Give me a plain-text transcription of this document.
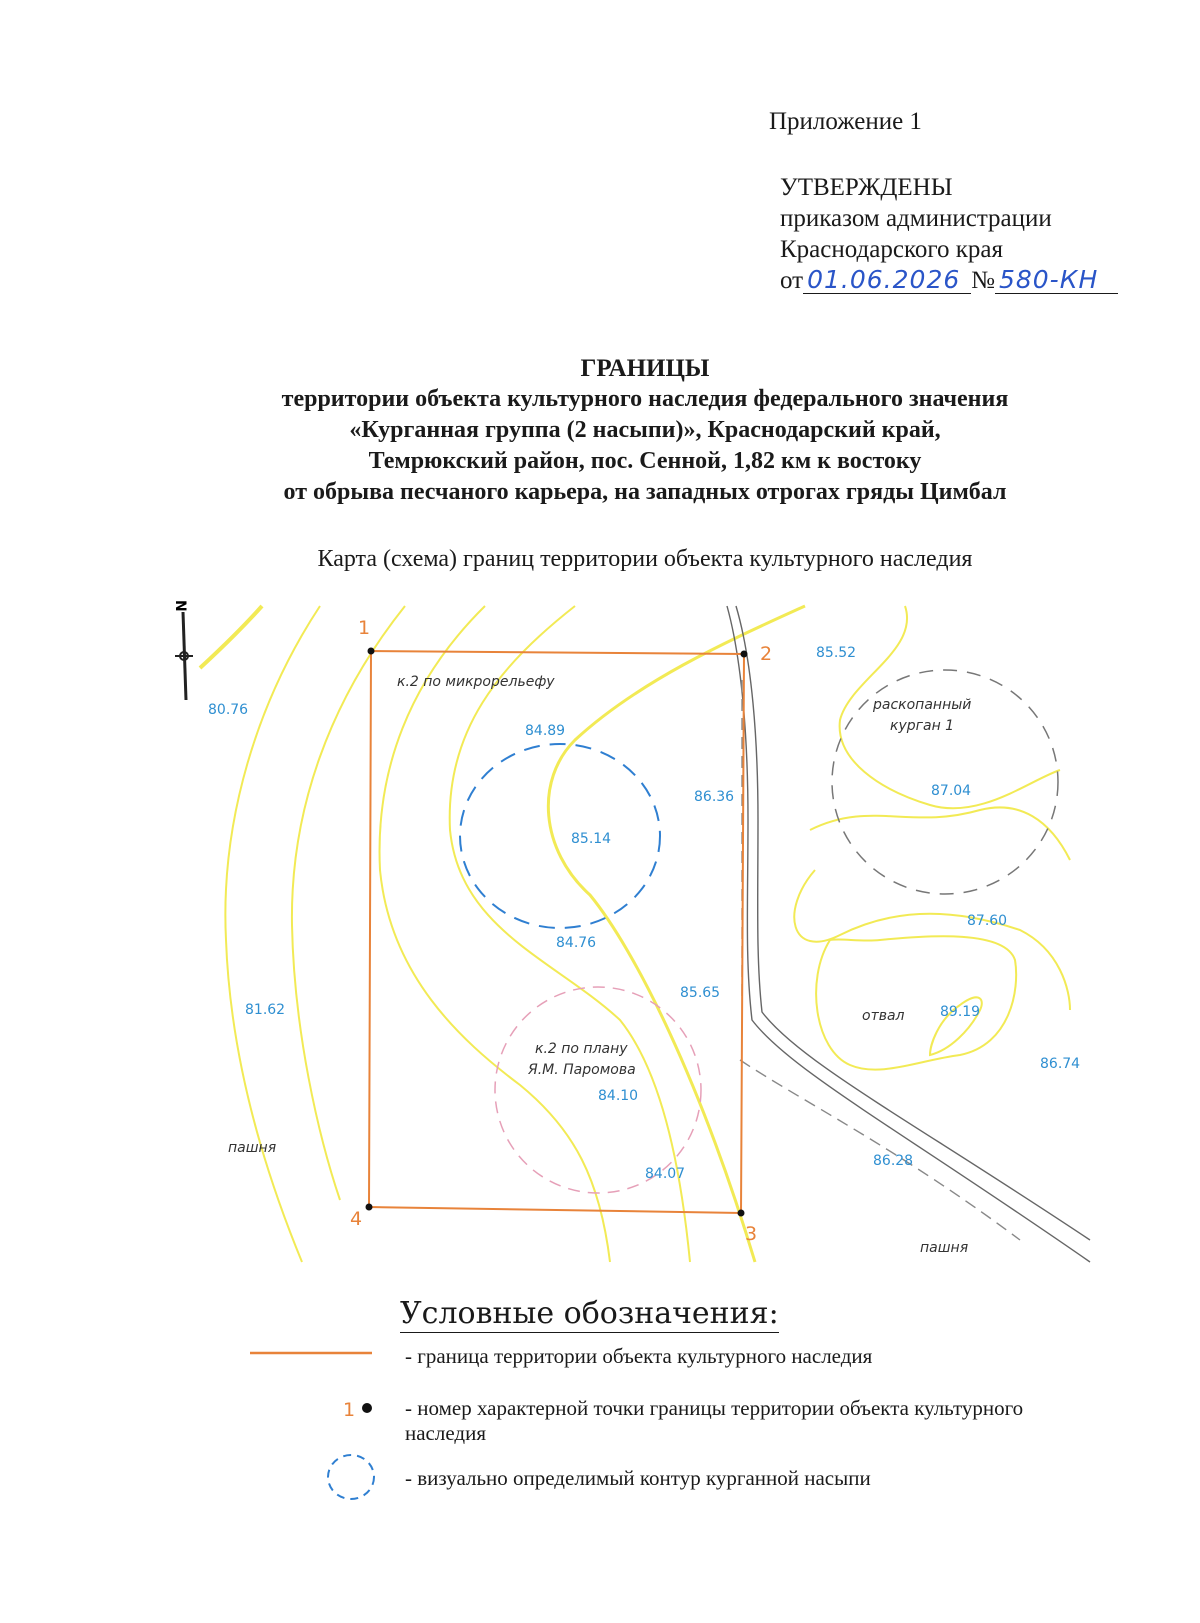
Приложение 1
УТВЕРЖДЕНЫ
приказом администрации
Краснодарского края
от 01.06.2026 № 580-КН
ГРАНИЦЫ
территории объекта культурного наследия федерального значения
«Курганная группа (2 насыпи)», Краснодарский край,
Темрюкский район, пос. Сенной, 1,82 км к востоку
от обрыва песчаного карьера, на западных отрогах гряды Цимбал
Карта (схема) границ территории объекта культурного наследия
N
1
2
3
4
80.76
85.52
84.89
85.14
84.76
86.36	87.04
87.60
85.65
81.62	89.19
86.74
84.10
84.07
86.28
к.2 по микрорельефу
раскопанный
курган 1
отвал
к.2 по плану
Я.М. Паромова
пашня
пашня
1
Условные обозначения:
- граница территории объекта культурного наследия
- номер характерной точки границы территории объекта культурного наследия
- визуально определимый контур курганной насыпи
